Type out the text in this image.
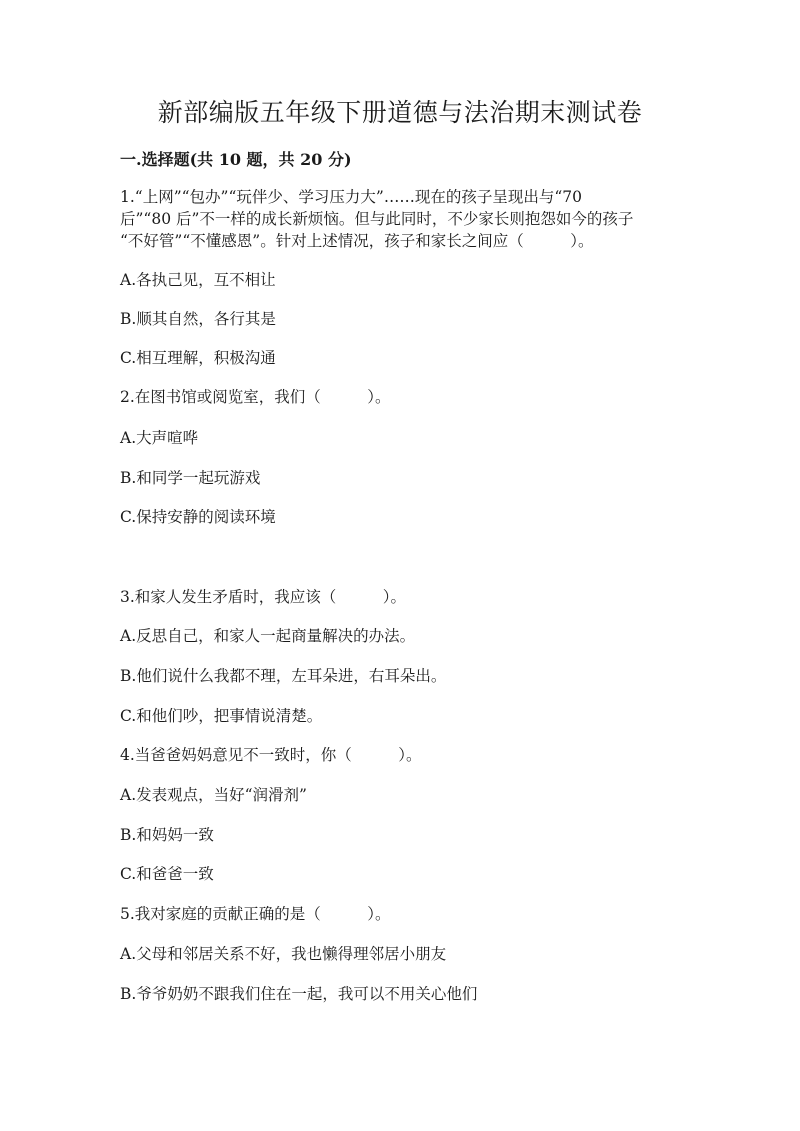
新部编版五年级下册道德与法治期末测试卷
一.选择题(共 10 题，共 20 分)
1.“上网”“包办”“玩伴少、学习压力大”……现在的孩子呈现出与“70
后”“80 后”不一样的成长新烦恼。但与此同时，不少家长则抱怨如今的孩子
“不好管”“不懂感恩”。针对上述情况，孩子和家长之间应（　　　）。
A.各执己见，互不相让
B.顺其自然，各行其是
C.相互理解，积极沟通
2.在图书馆或阅览室，我们（　　　）。
A.大声喧哗
B.和同学一起玩游戏
C.保持安静的阅读环境
3.和家人发生矛盾时，我应该（　　　）。
A.反思自己，和家人一起商量解决的办法。
B.他们说什么我都不理，左耳朵进，右耳朵出。
C.和他们吵，把事情说清楚。
4.当爸爸妈妈意见不一致时，你（　　　）。
A.发表观点，当好“润滑剂”
B.和妈妈一致
C.和爸爸一致
5.我对家庭的贡献正确的是（　　　）。
A.父母和邻居关系不好，我也懒得理邻居小朋友
B.爷爷奶奶不跟我们住在一起，我可以不用关心他们
